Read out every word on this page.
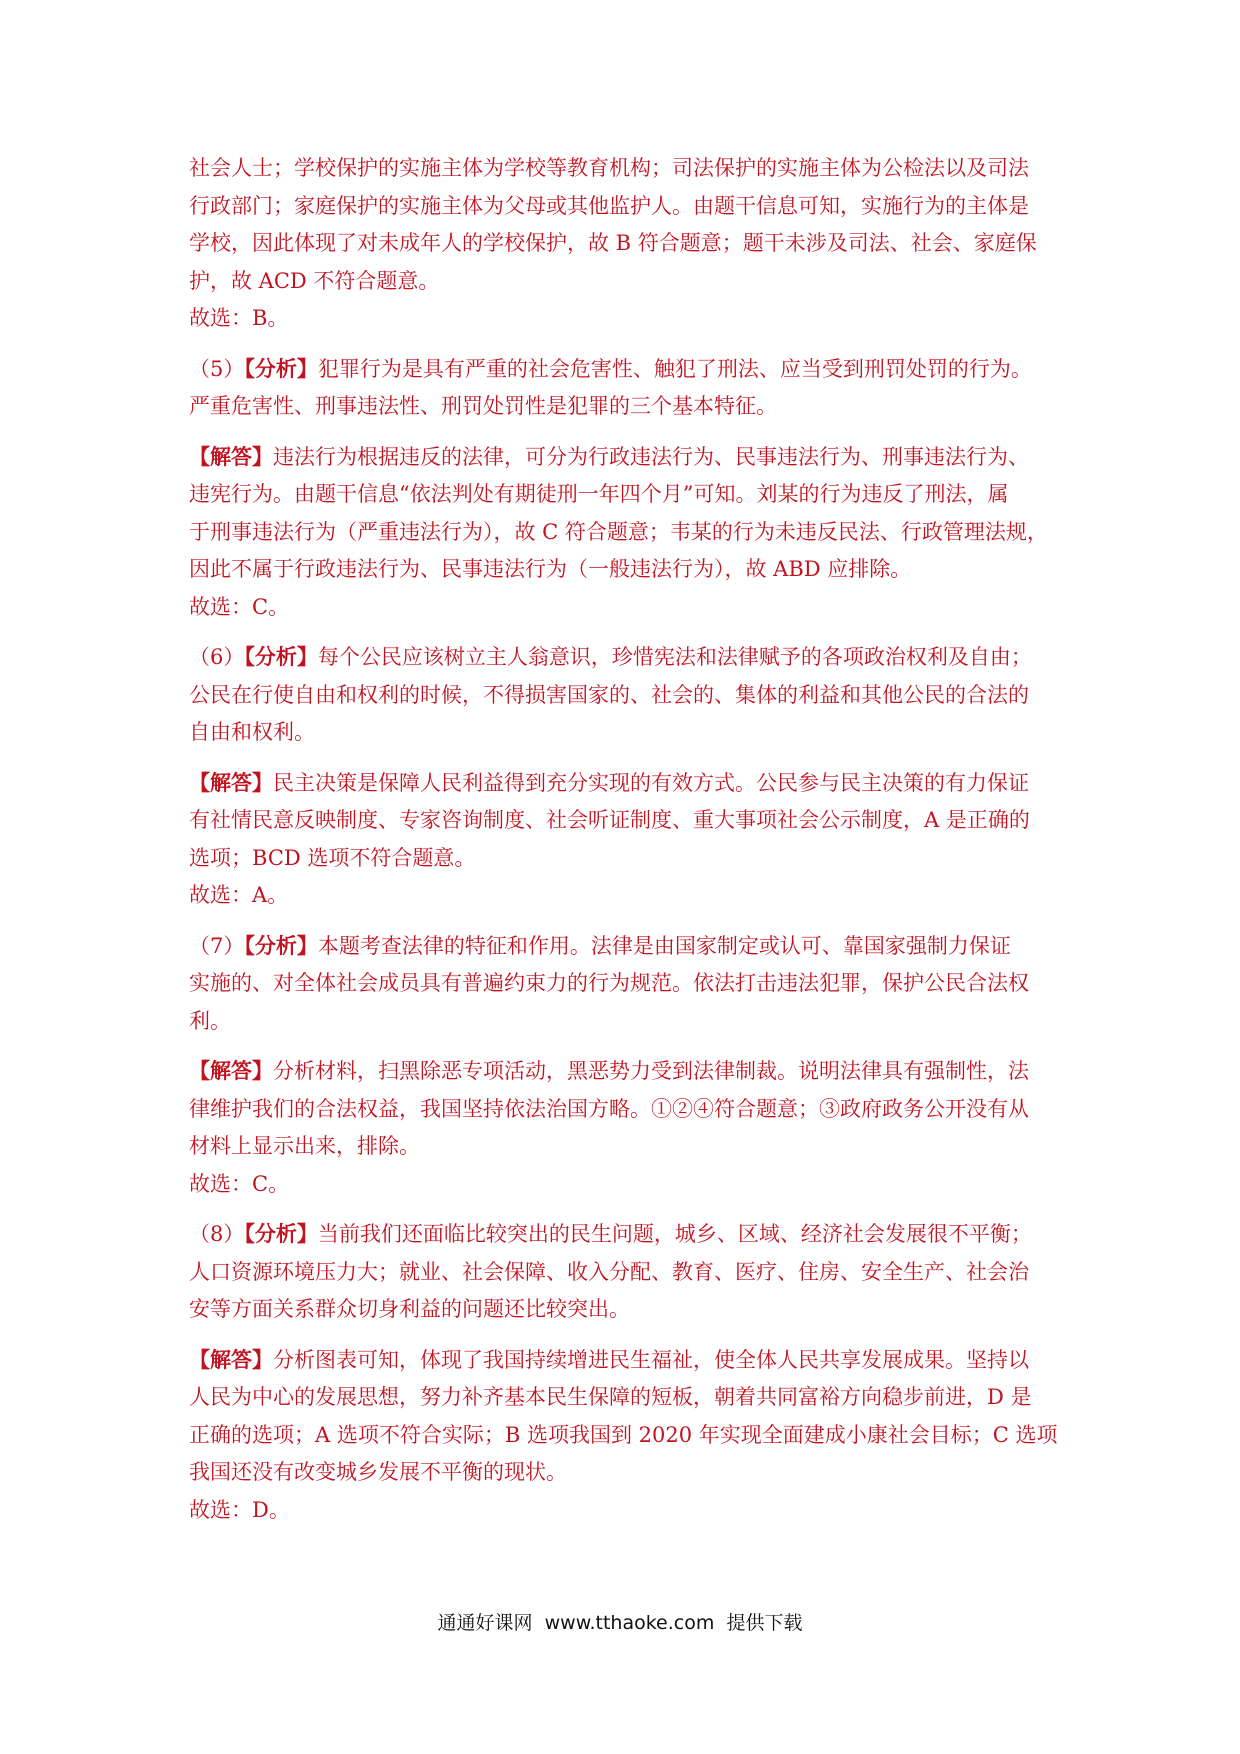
社会人士；学校保护的实施主体为学校等教育机构；司法保护的实施主体为公检法以及司法
行政部门；家庭保护的实施主体为父母或其他监护人。由题干信息可知，实施行为的主体是
学校，因此体现了对未成年人的学校保护，故 B 符合题意；题干未涉及司法、社会、家庭保
护，故 ACD 不符合题意。

故选：B。

（5）【分析】犯罪行为是具有严重的社会危害性、触犯了刑法、应当受到刑罚处罚的行为。
严重危害性、刑事违法性、刑罚处罚性是犯罪的三个基本特征。

【解答】违法行为根据违反的法律，可分为行政违法行为、民事违法行为、刑事违法行为、
违宪行为。由题干信息“依法判处有期徒刑一年四个月”可知。刘某的行为违反了刑法，属
于刑事违法行为（严重违法行为），故 C 符合题意；韦某的行为未违反民法、行政管理法规，
因此不属于行政违法行为、民事违法行为（一般违法行为），故 ABD 应排除。

故选：C。

（6）【分析】每个公民应该树立主人翁意识，珍惜宪法和法律赋予的各项政治权利及自由；
公民在行使自由和权利的时候，不得损害国家的、社会的、集体的利益和其他公民的合法的
自由和权利。

【解答】民主决策是保障人民利益得到充分实现的有效方式。公民参与民主决策的有力保证
有社情民意反映制度、专家咨询制度、社会听证制度、重大事项社会公示制度，A 是正确的
选项；BCD 选项不符合题意。

故选：A。

（7）【分析】本题考查法律的特征和作用。法律是由国家制定或认可、靠国家强制力保证
实施的、对全体社会成员具有普遍约束力的行为规范。依法打击违法犯罪，保护公民合法权
利。

【解答】分析材料，扫黑除恶专项活动，黑恶势力受到法律制裁。说明法律具有强制性，法
律维护我们的合法权益，我国坚持依法治国方略。①②④符合题意；③政府政务公开没有从
材料上显示出来，排除。

故选：C。

（8）【分析】当前我们还面临比较突出的民生问题，城乡、区域、经济社会发展很不平衡；
人口资源环境压力大；就业、社会保障、收入分配、教育、医疗、住房、安全生产、社会治
安等方面关系群众切身利益的问题还比较突出。

【解答】分析图表可知，体现了我国持续增进民生福祉，使全体人民共享发展成果。坚持以
人民为中心的发展思想，努力补齐基本民生保障的短板，朝着共同富裕方向稳步前进，D 是
正确的选项；A 选项不符合实际；B 选项我国到 2020 年实现全面建成小康社会目标；C 选项
我国还没有改变城乡发展不平衡的现状。

故选：D。
通通好课网  www.tthaoke.com  提供下载
